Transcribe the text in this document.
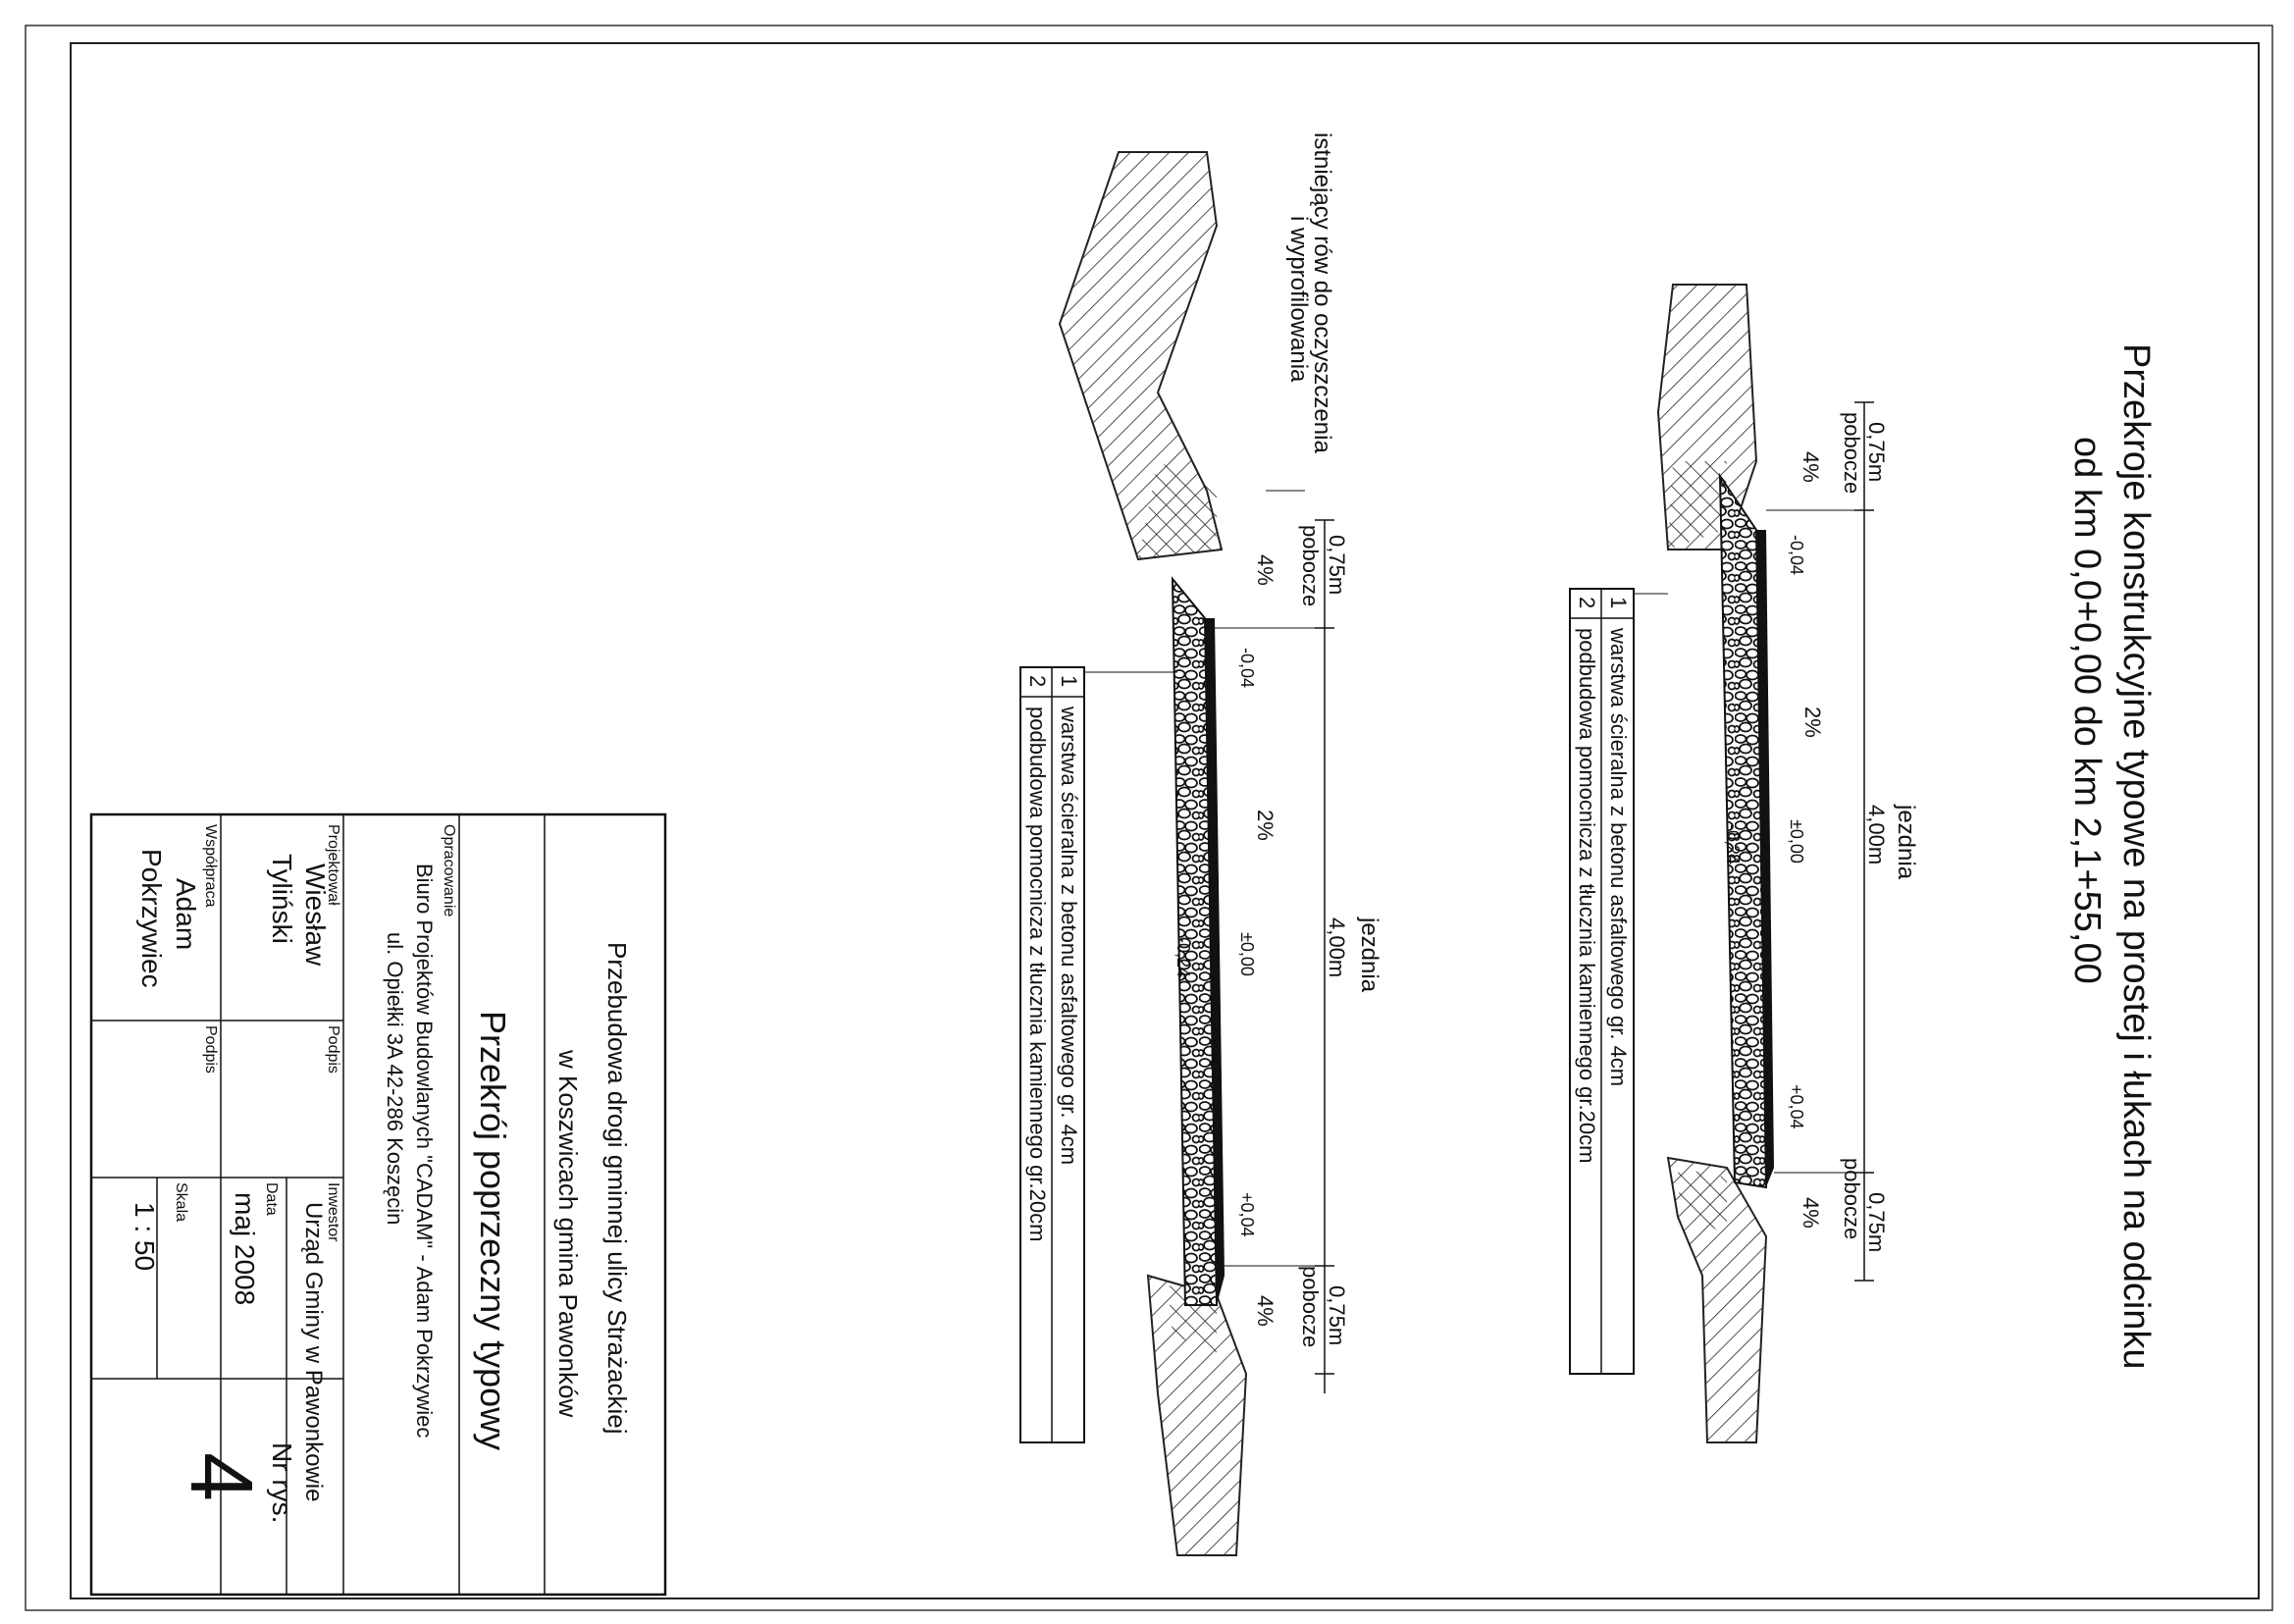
Przekroje konstrukcyjne typowe na prostej i łukach na odcinku
od km 0,0+0,00 do km 2,1+55,00
0,75m
pobocze
4,00m jezdnia
0,75m
pobocze
4%
-0,04
2%
±0,00
-0,24
+0,04
4%
1
warstwa ścieralna z betonu asfaltowego gr. 4cm
2
podbudowa pomocnicza z tłucznia kamiennego gr.20cm
0,75m
pobocze
4,00m jezdnia
0,75m
pobocze
4%
-0,04
2%
±0,00
-0,24
+0,04
4%
istniejący rów do oczyszczenia
i wyprofilowania
1
warstwa ścieralna z betonu asfaltowego gr. 4cm
2
podbudowa pomocnicza z tłucznia kamiennego gr.20cm
Przebudowa drogi gminnej ulicy Strażackiej
w Koszwicach gmina Pawonków
Przekrój poprzeczny typowy
Opracowanie
Biuro Projektów Budowlanych "CADAM" - Adam Pokrzywiec
ul. Opiełki 3A 42-286 Koszęcin
Projektował
Wiesław
Tyliński
Podpis
Współpraca
Adam
Pokrzywiec
Podpis
Inwestor
Urząd Gminy w Pawonkowie
Data
maj 2008
Skala
1 : 50
Nr rys.
4
